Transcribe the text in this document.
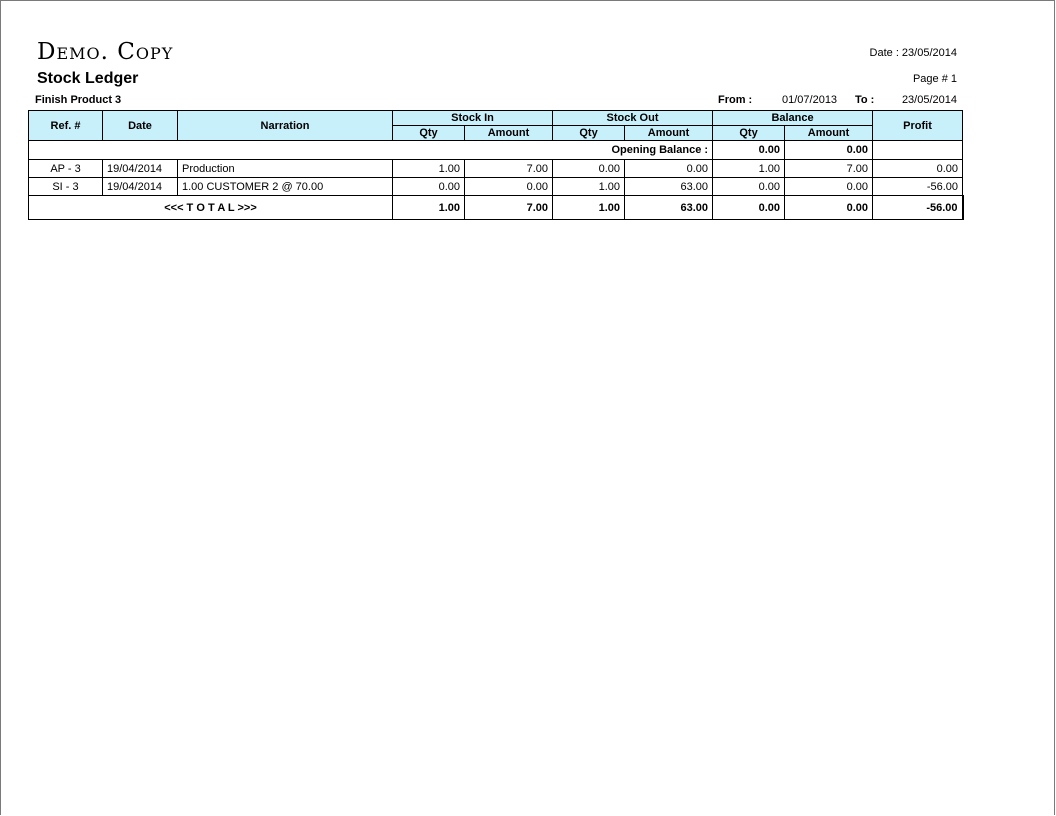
Demo. Copy
Stock Ledger
Finish Product 3
Date : 23/05/2014
Page # 1
From :	01/07/2013 To :	23/05/2014
Ref. #	Date	Narration	Stock In		Stock Out		Balance		Profit
			Qty	Amount	Qty	Amount	Qty	Amount	
Opening Balance :							0.00	0.00	
AP - 3	19/04/2014	Production	1.00	7.00	0.00	0.00	1.00	7.00	0.00
SI - 3	19/04/2014	1.00 CUSTOMER 2 @ 70.00	0.00	0.00	1.00	63.00	0.00	0.00	-56.00
<<< T O T A L >>>			1.00	7.00	1.00	63.00	0.00	0.00	-56.00
